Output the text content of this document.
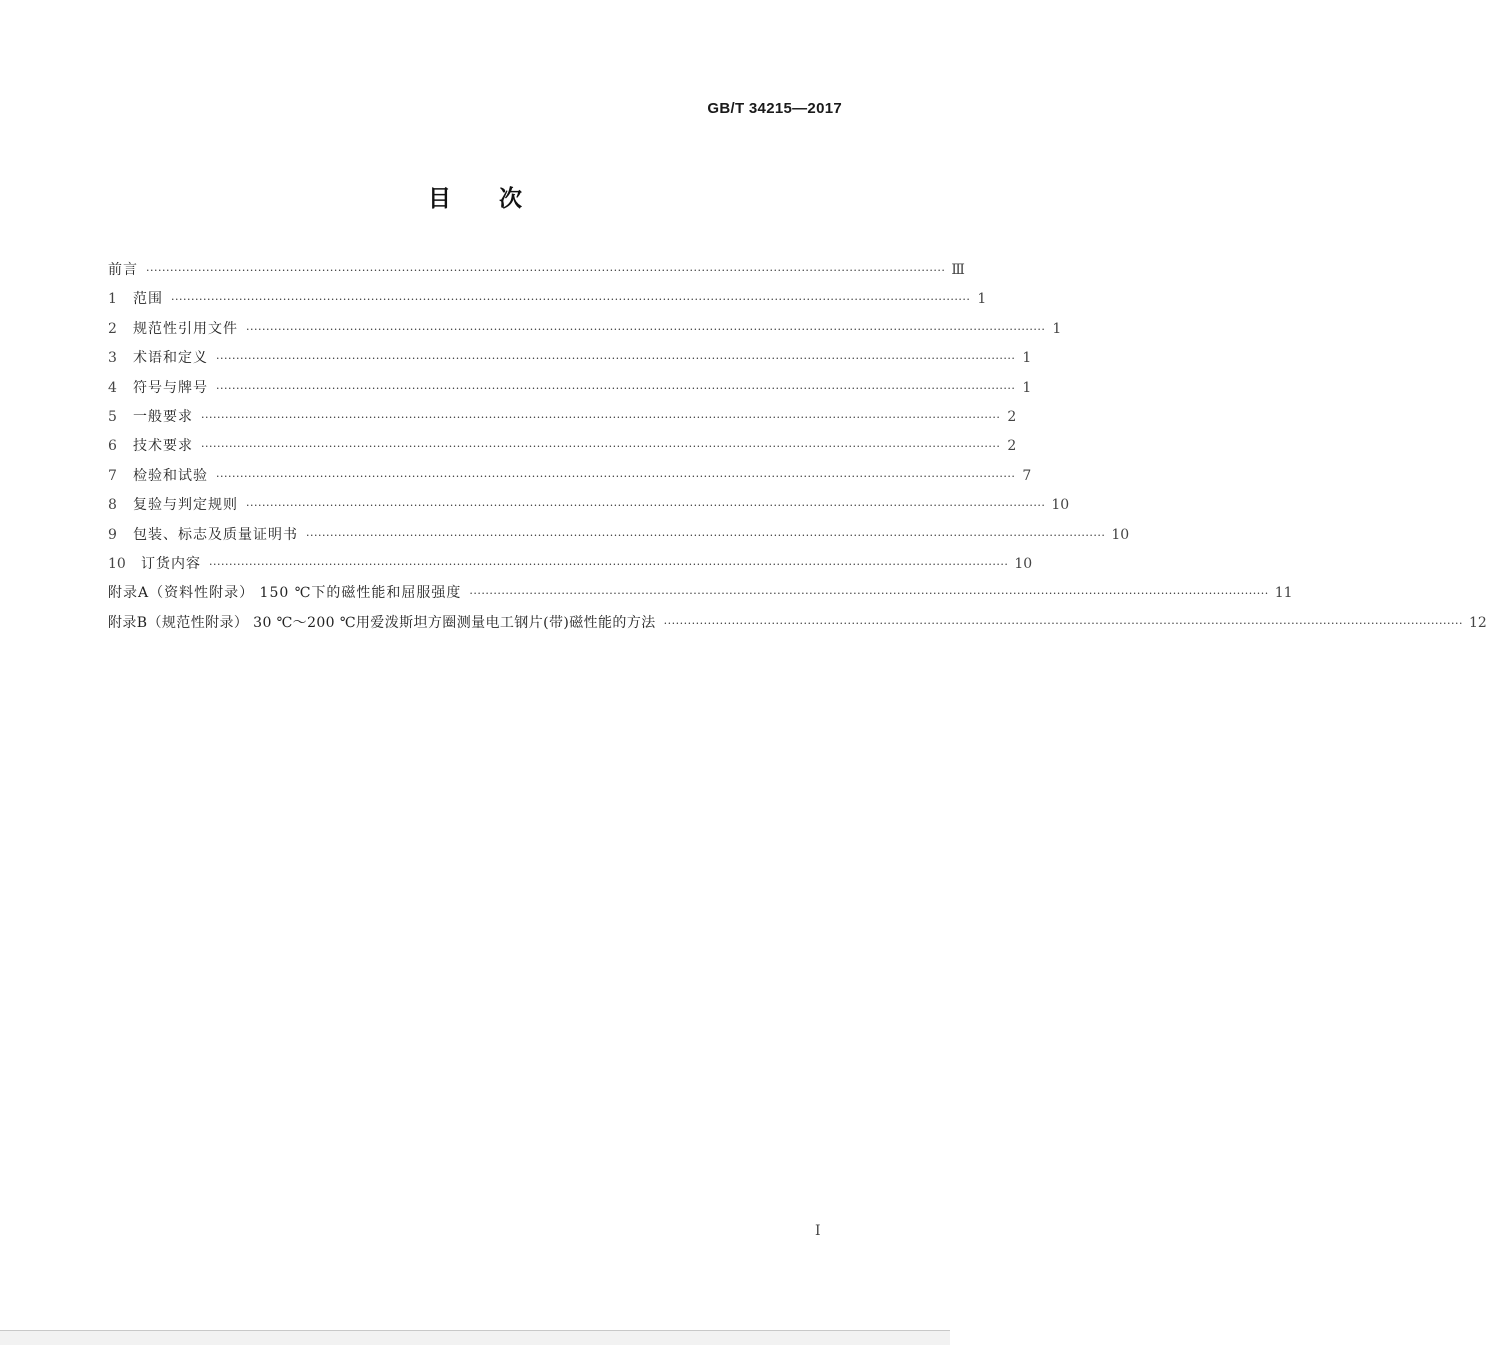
GB/T 34215—2017
目次
前言 ········································································································································································································ Ⅲ
1	范围 ········································································································································································································ 1
2	规范性引用文件 ········································································································································································································ 1
3	术语和定义 ········································································································································································································ 1
4	符号与牌号 ········································································································································································································ 1
5	一般要求 ········································································································································································································ 2
6	技术要求 ········································································································································································································ 2
7	检验和试验 ········································································································································································································ 7
8	复验与判定规则 ········································································································································································································ 10
9	包装、标志及质量证明书 ········································································································································································································ 10
10	订货内容 ········································································································································································································ 10
附录A（资料性附录） 150 ℃下的磁性能和屈服强度 ········································································································································································································ 11
附录B（规范性附录） 30 ℃～200 ℃用爱泼斯坦方圈测量电工钢片(带)磁性能的方法 ········································································································································································································ 12
I
